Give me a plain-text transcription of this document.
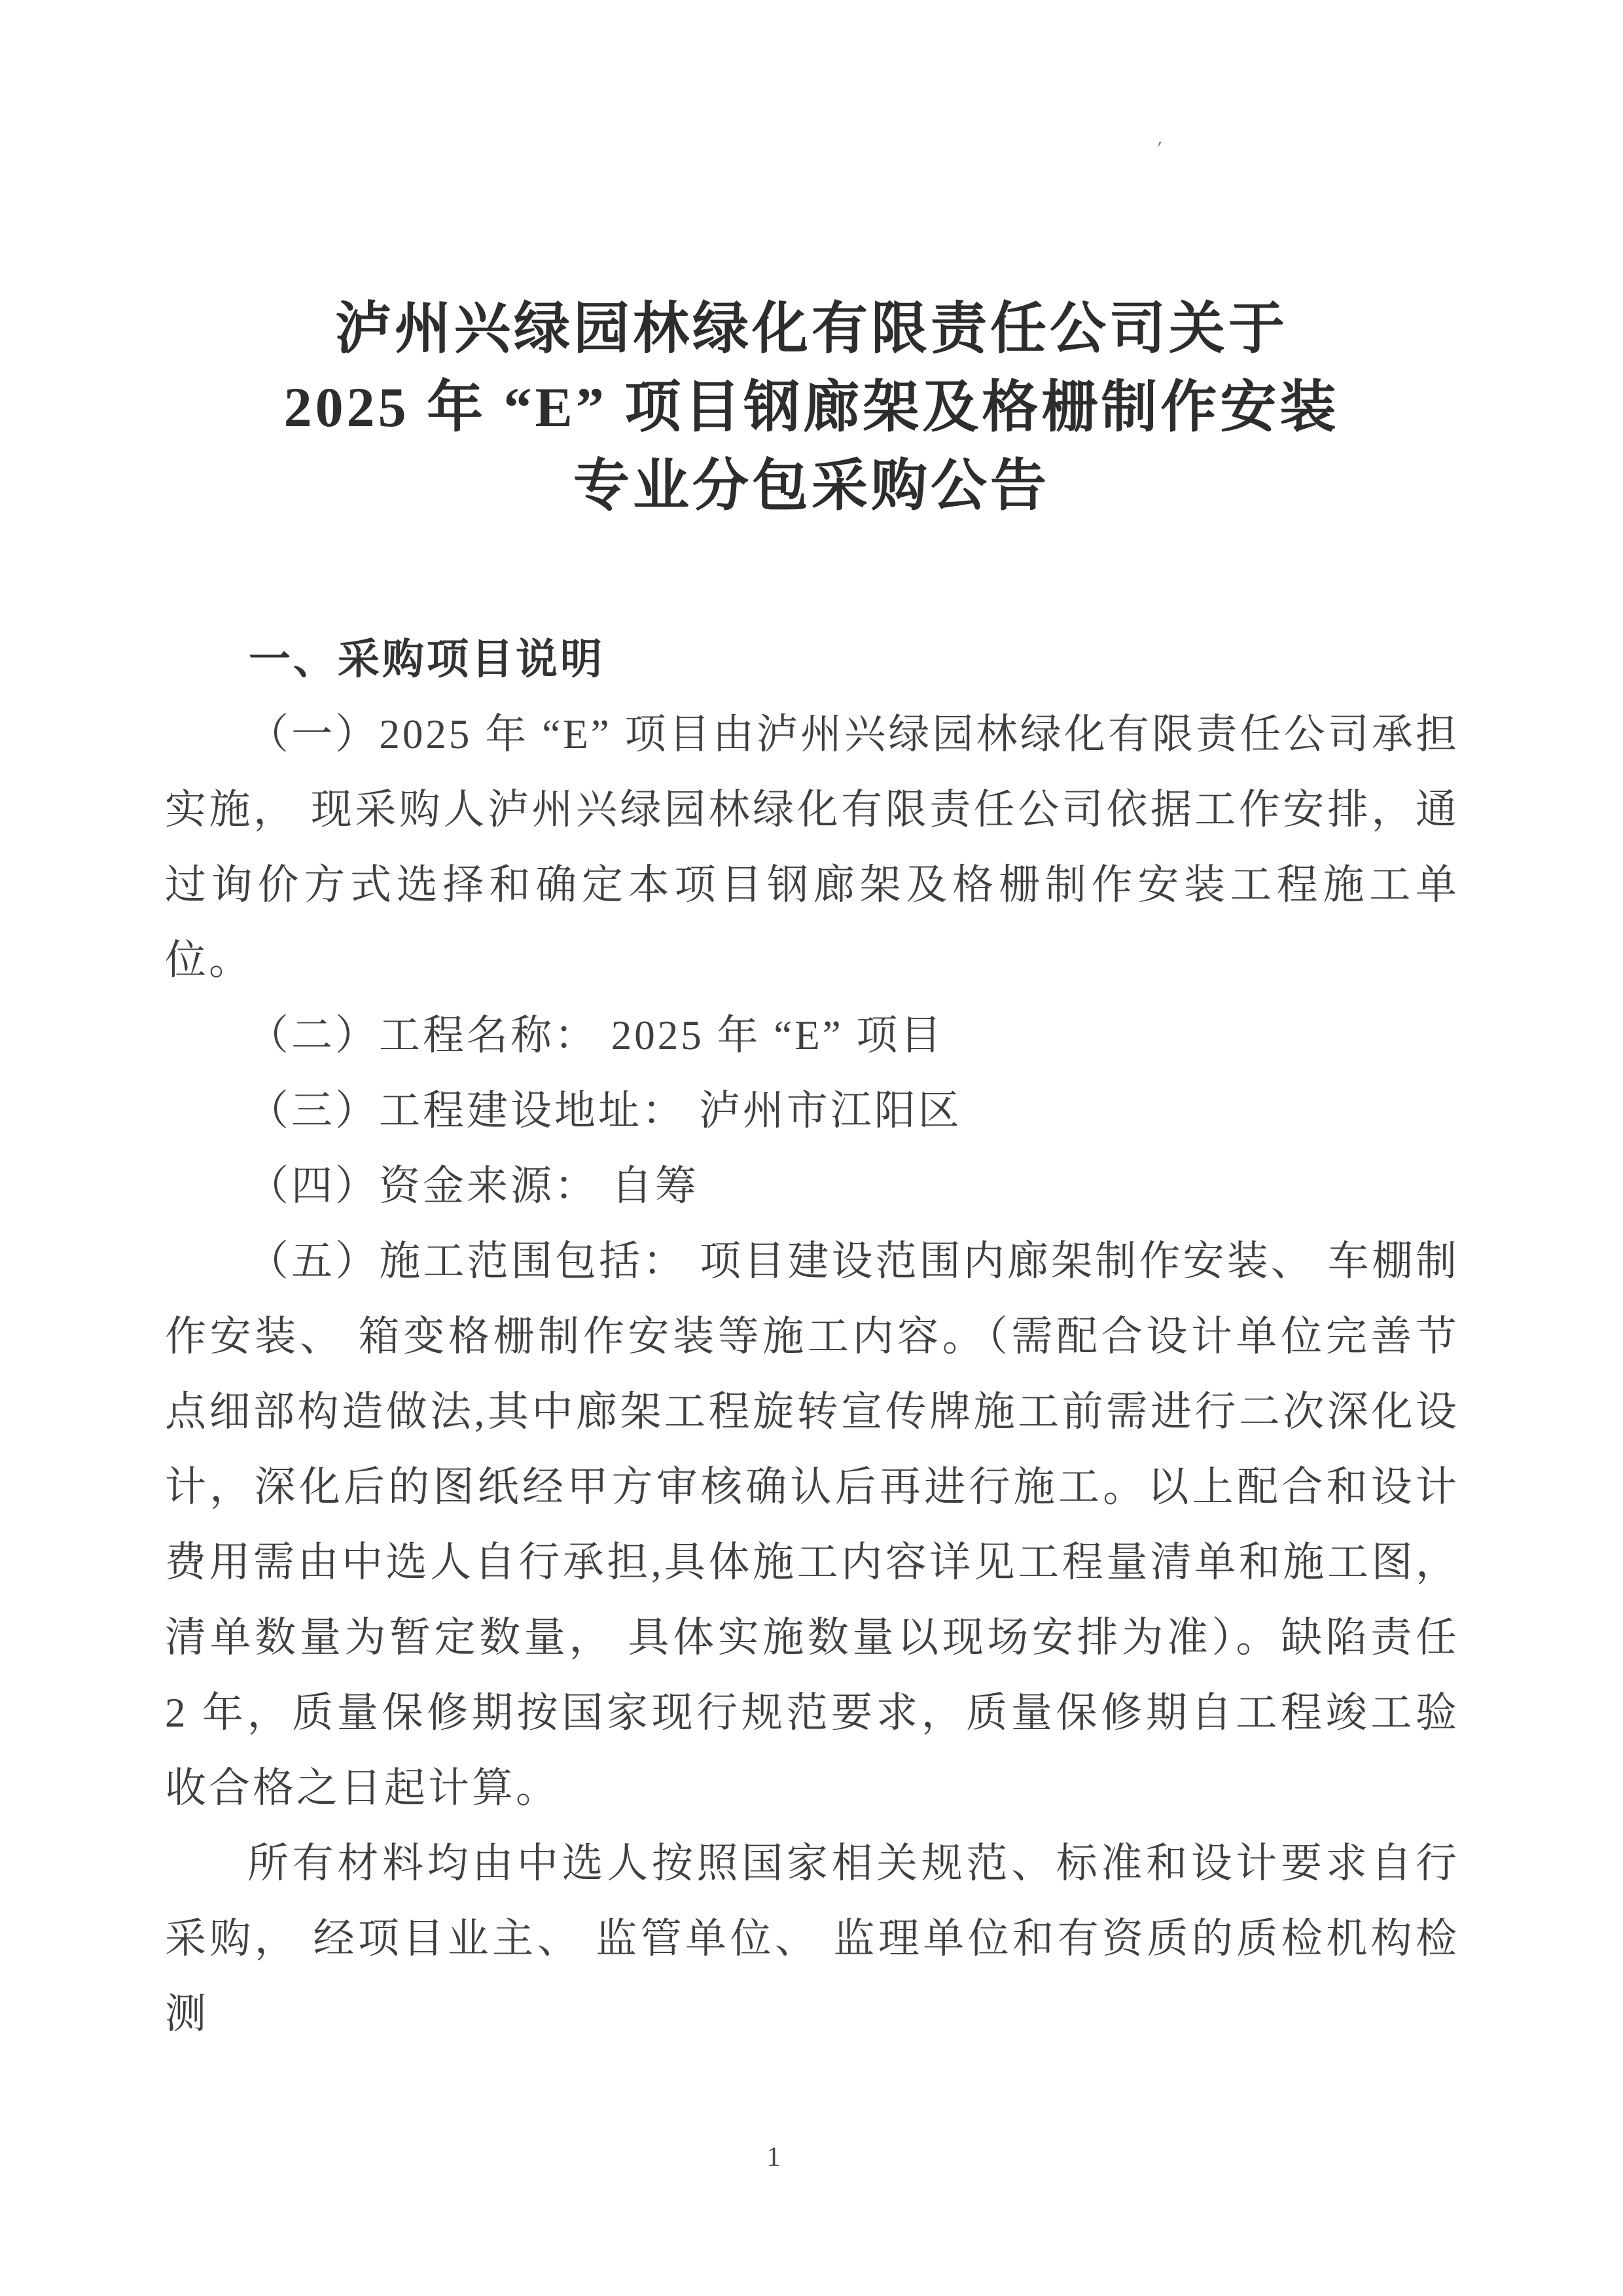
ʹ
泸州兴绿园林绿化有限责任公司关于
2025 年 “E” 项目钢廊架及格栅制作安装
专业分包采购公告
一、采购项目说明

（一）2025 年 “E” 项目由泸州兴绿园林绿化有限责任公司承担实施， 现采购人泸州兴绿园林绿化有限责任公司依据工作安排，通过询价方式选择和确定本项目钢廊架及格栅制作安装工程施工单位。

（二）工程名称： 2025 年 “E” 项目

（三）工程建设地址： 泸州市江阳区

（四）资金来源： 自筹

（五）施工范围包括： 项目建设范围内廊架制作安装、 车棚制作安装、 箱变格栅制作安装等施工内容。（需配合设计单位完善节点细部构造做法,其中廊架工程旋转宣传牌施工前需进行二次深化设计，深化后的图纸经甲方审核确认后再进行施工。以上配合和设计费用需由中选人自行承担,具体施工内容详见工程量清单和施工图， 清单数量为暂定数量， 具体实施数量以现场安排为准）。缺陷责任 2 年，质量保修期按国家现行规范要求，质量保修期自工程竣工验收合格之日起计算。

所有材料均由中选人按照国家相关规范、标准和设计要求自行采购， 经项目业主、 监管单位、 监理单位和有资质的质检机构检测

1
